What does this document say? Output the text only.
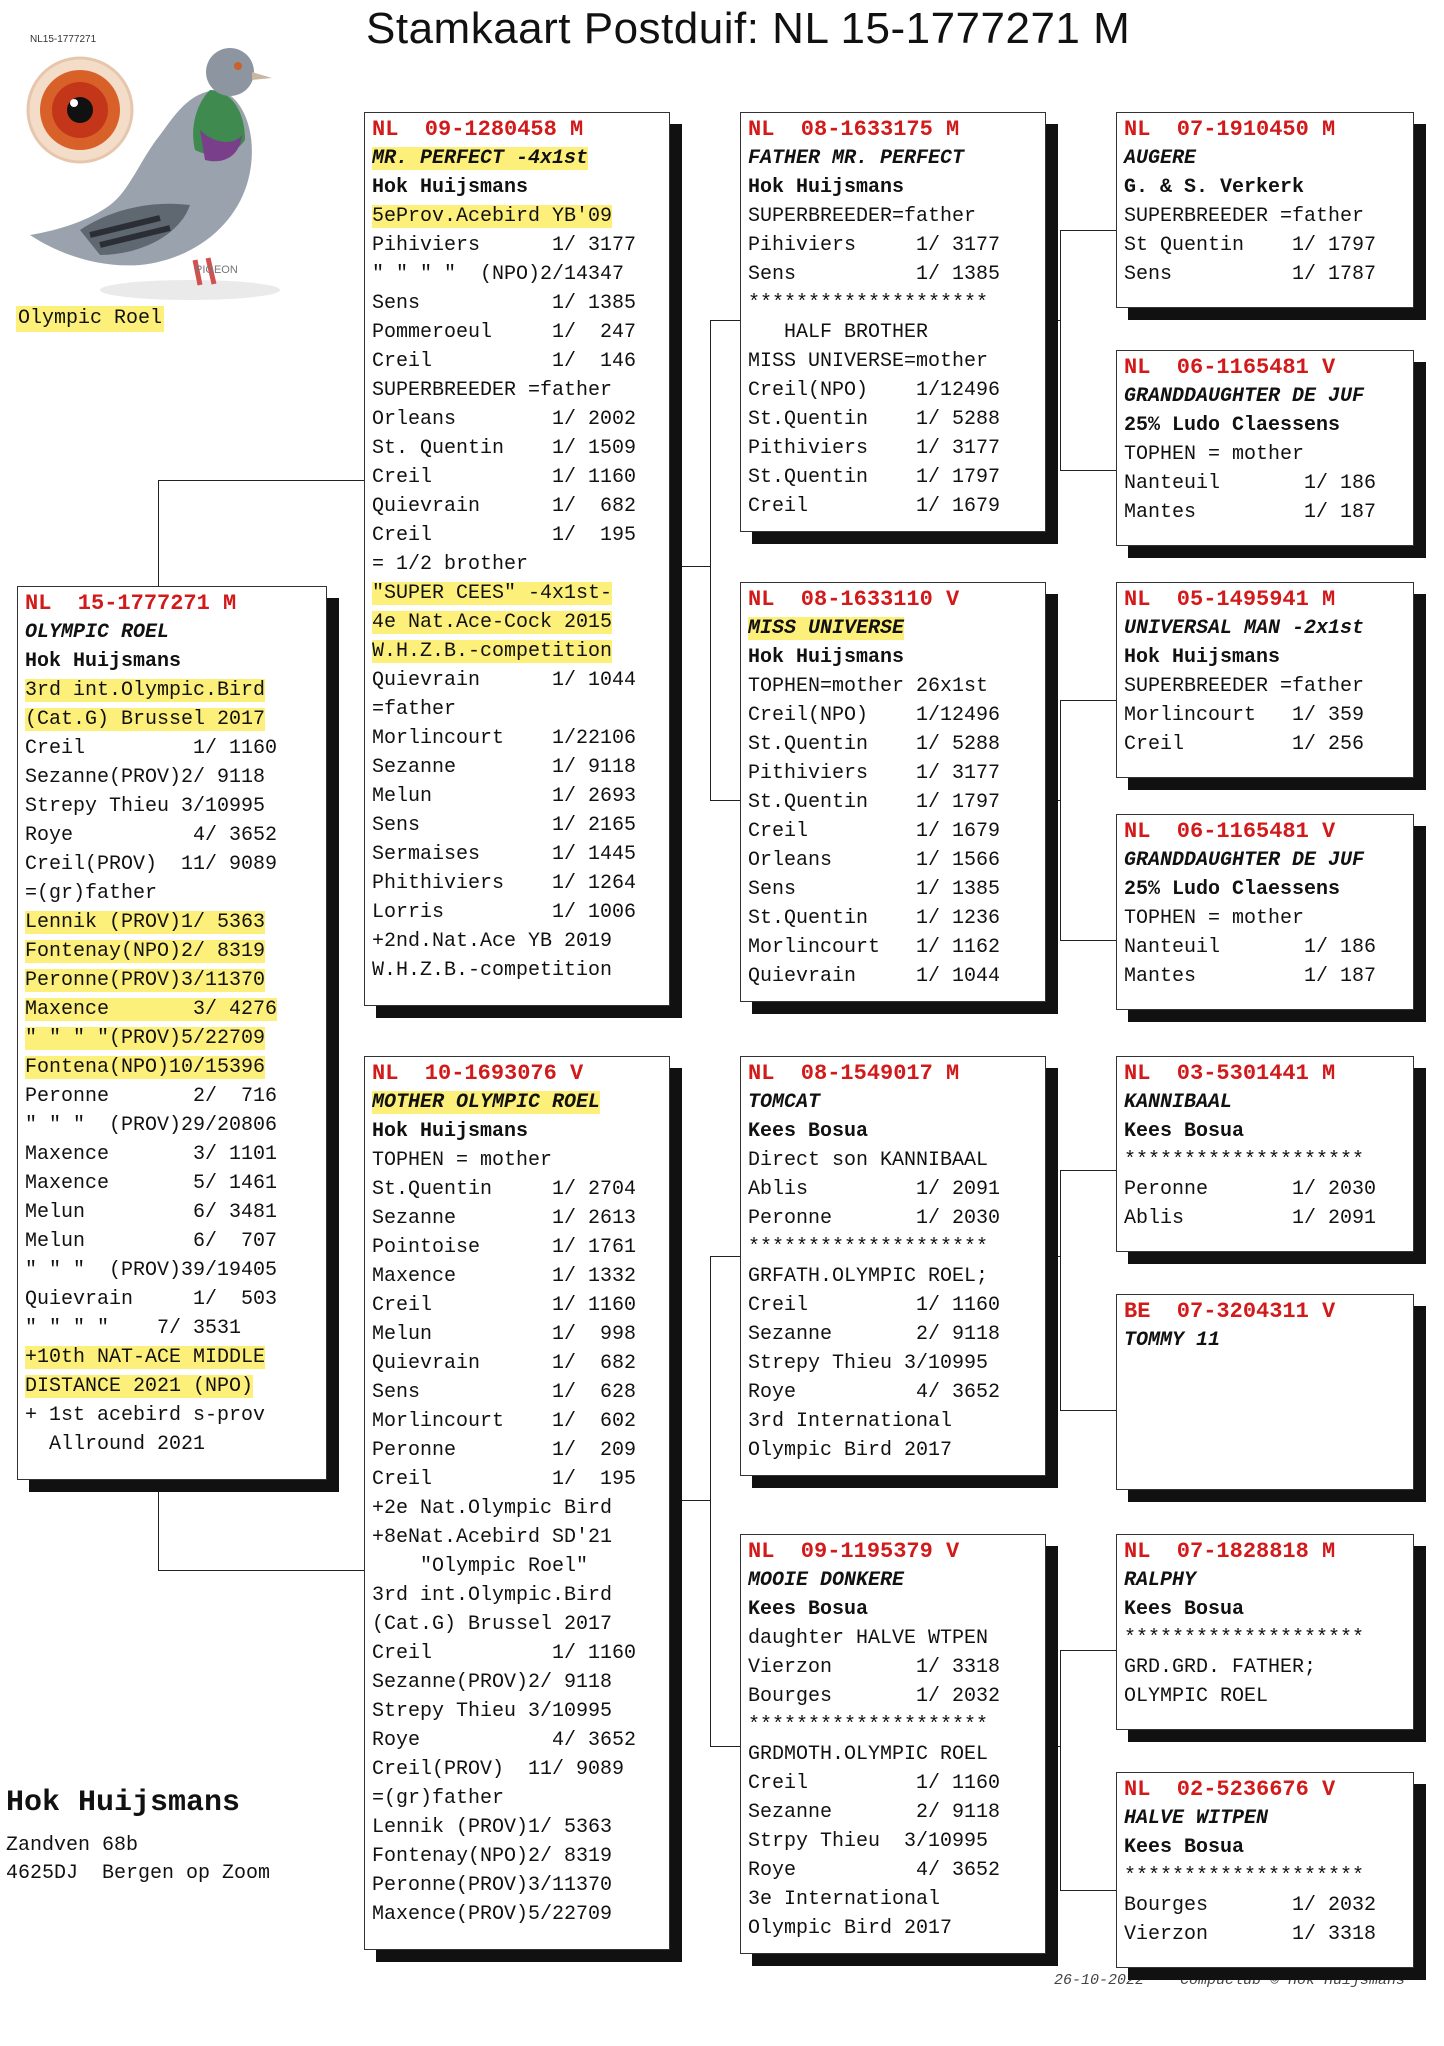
Stamkaart Postduif: NL 15-1777271 M
PIGEON
NL15-1777271
Olympic Roel
Hok Huijsmans
Zandven 68b
4625DJ  Bergen op Zoom
26-10-2022 Compuclub © Hok Huijsmans
NL  15-1777271 M
OLYMPIC ROEL
Hok Huijsmans
3rd int.Olympic.Bird
(Cat.G) Brussel 2017
Creil         1/ 1160
Sezanne(PROV)2/ 9118
Strepy Thieu 3/10995
Roye          4/ 3652
Creil(PROV)  11/ 9089
=(gr)father
Lennik (PROV)1/ 5363
Fontenay(NPO)2/ 8319
Peronne(PROV)3/11370
Maxence       3/ 4276
" " " "(PROV)5/22709
Fontena(NPO)10/15396
Peronne       2/  716
" " "  (PROV)29/20806
Maxence       3/ 1101
Maxence       5/ 1461
Melun         6/ 3481
Melun         6/  707
" " "  (PROV)39/19405
Quievrain     1/  503
" " " "    7/ 3531
+10th NAT-ACE MIDDLE
DISTANCE 2021 (NPO)
+ 1st acebird s-prov
Allround 2021
NL  09-1280458 M
MR. PERFECT -4x1st
Hok Huijsmans
5eProv.Acebird YB'09
Pihiviers      1/ 3177
" " " "  (NPO)2/14347
Sens           1/ 1385
Pommeroeul     1/  247
Creil          1/  146
SUPERBREEDER =father
Orleans        1/ 2002
St. Quentin    1/ 1509
Creil          1/ 1160
Quievrain      1/  682
Creil          1/  195
= 1/2 brother
"SUPER CEES" -4x1st-
4e Nat.Ace-Cock 2015
W.H.Z.B.-competition
Quievrain      1/ 1044
=father
Morlincourt    1/22106
Sezanne        1/ 9118
Melun          1/ 2693
Sens           1/ 2165
Sermaises      1/ 1445
Phithiviers    1/ 1264
Lorris         1/ 1006
+2nd.Nat.Ace YB 2019
W.H.Z.B.-competition
NL  10-1693076 V
MOTHER OLYMPIC ROEL
Hok Huijsmans
TOPHEN = mother
St.Quentin     1/ 2704
Sezanne        1/ 2613
Pointoise      1/ 1761
Maxence        1/ 1332
Creil          1/ 1160
Melun          1/  998
Quievrain      1/  682
Sens           1/  628
Morlincourt    1/  602
Peronne        1/  209
Creil          1/  195
+2e Nat.Olympic Bird
+8eNat.Acebird SD'21
"Olympic Roel"
3rd int.Olympic.Bird
(Cat.G) Brussel 2017
Creil          1/ 1160
Sezanne(PROV)2/ 9118
Strepy Thieu 3/10995
Roye           4/ 3652
Creil(PROV)  11/ 9089
=(gr)father
Lennik (PROV)1/ 5363
Fontenay(NPO)2/ 8319
Peronne(PROV)3/11370
Maxence(PROV)5/22709
NL  08-1633175 M
FATHER MR. PERFECT
Hok Huijsmans
SUPERBREEDER=father
Pihiviers     1/ 3177
Sens          1/ 1385
********************
HALF BROTHER
MISS UNIVERSE=mother
Creil(NPO)    1/12496
St.Quentin    1/ 5288
Pithiviers    1/ 3177
St.Quentin    1/ 1797
Creil         1/ 1679
NL  08-1633110 V
MISS UNIVERSE
Hok Huijsmans
TOPHEN=mother 26x1st
Creil(NPO)    1/12496
St.Quentin    1/ 5288
Pithiviers    1/ 3177
St.Quentin    1/ 1797
Creil         1/ 1679
Orleans       1/ 1566
Sens          1/ 1385
St.Quentin    1/ 1236
Morlincourt   1/ 1162
Quievrain     1/ 1044
NL  08-1549017 M
TOMCAT
Kees Bosua
Direct son KANNIBAAL
Ablis         1/ 2091
Peronne       1/ 2030
********************
GRFATH.OLYMPIC ROEL;
Creil         1/ 1160
Sezanne       2/ 9118
Strepy Thieu 3/10995
Roye          4/ 3652
3rd International
Olympic Bird 2017
NL  09-1195379 V
MOOIE DONKERE
Kees Bosua
daughter HALVE WTPEN
Vierzon       1/ 3318
Bourges       1/ 2032
********************
GRDMOTH.OLYMPIC ROEL
Creil         1/ 1160
Sezanne       2/ 9118
Strpy Thieu  3/10995
Roye          4/ 3652
3e International
Olympic Bird 2017
NL  07-1910450 M
AUGERE
G. & S. Verkerk
SUPERBREEDER =father
St Quentin    1/ 1797
Sens          1/ 1787
NL  06-1165481 V
GRANDDAUGHTER DE JUF
25% Ludo Claessens
TOPHEN = mother
Nanteuil       1/ 186
Mantes         1/ 187
NL  05-1495941 M
UNIVERSAL MAN -2x1st
Hok Huijsmans
SUPERBREEDER =father
Morlincourt   1/ 359
Creil         1/ 256
NL  06-1165481 V
GRANDDAUGHTER DE JUF
25% Ludo Claessens
TOPHEN = mother
Nanteuil       1/ 186
Mantes         1/ 187
NL  03-5301441 M
KANNIBAAL
Kees Bosua
********************
Peronne       1/ 2030
Ablis         1/ 2091
BE  07-3204311 V
TOMMY 11
NL  07-1828818 M
RALPHY
Kees Bosua
********************
GRD.GRD. FATHER;
OLYMPIC ROEL
NL  02-5236676 V
HALVE WITPEN
Kees Bosua
********************
Bourges       1/ 2032
Vierzon       1/ 3318
